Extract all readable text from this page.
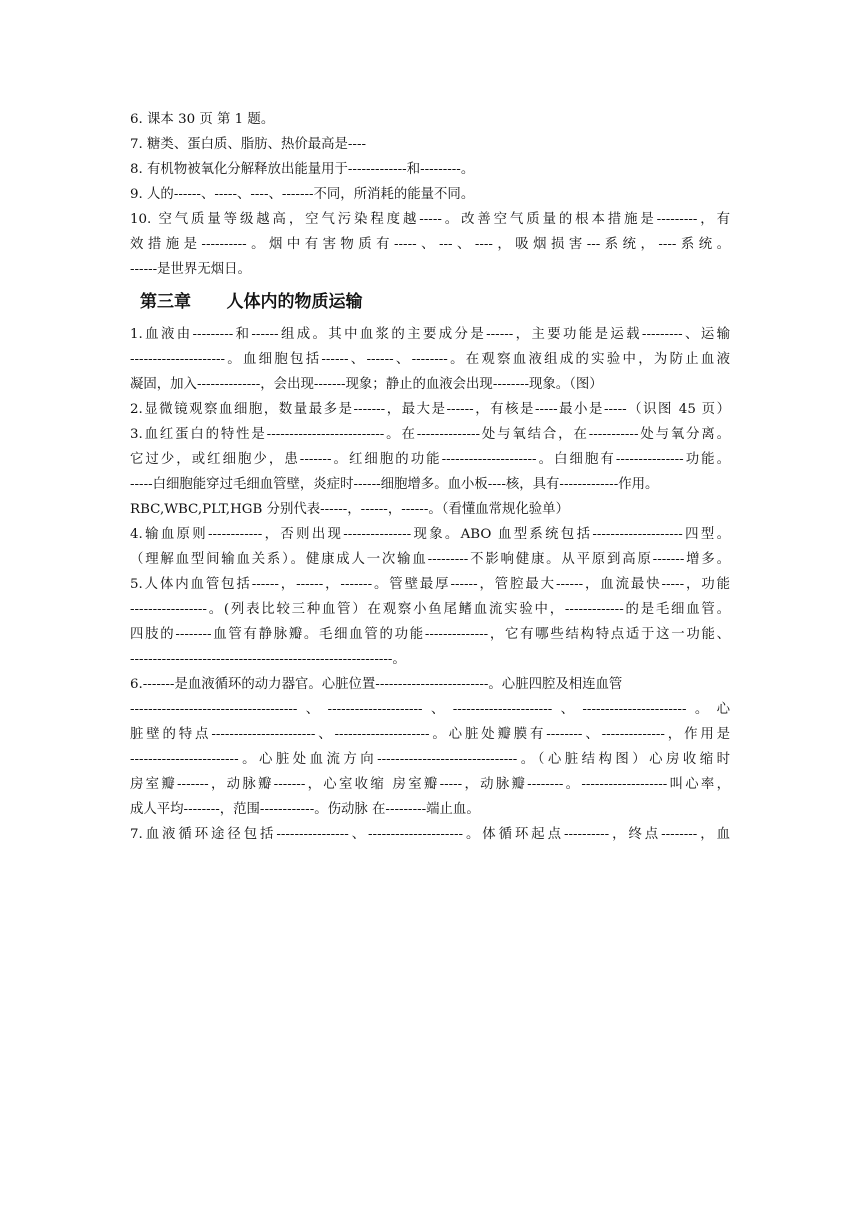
6. 课本 30 页 第 1 题。
7. 糖类、蛋白质、脂肪、热价最高是----
8. 有机物被氧化分解释放出能量用于-------------和---------。
9. 人的------、-----、----、-------不同，所消耗的能量不同。
10. 空气质量等级越高，空气污染程度越-----。改善空气质量的根本措施是---------，有
效措施是----------。烟中有害物质有-----、---、----，吸烟损害---系统，----系统。
------是世界无烟日。
第三章      人体内的物质运输
1.血液由---------和------组成。其中血浆的主要成分是------，主要功能是运载---------、运输
---------------------。血细胞包括------、------、--------。在观察血液组成的实验中，为防止血液
凝固，加入--------------，会出现-------现象；静止的血液会出现--------现象。（图）
2.显微镜观察血细胞，数量最多是-------，最大是------，有核是-----最小是-----（识图 45 页）
3.血红蛋白的特性是--------------------------。在--------------处与氧结合，在-----------处与氧分离。
它过少，或红细胞少，患-------。红细胞的功能---------------------。白细胞有---------------功能。
-----白细胞能穿过毛细血管壁，炎症时------细胞增多。血小板----核，具有-------------作用。
RBC,WBC,PLT,HGB 分别代表------，------，------。（看懂血常规化验单）
4.输血原则------------，否则出现---------------现象。ABO 血型系统包括--------------------四型。
（理解血型间输血关系）。健康成人一次输血---------不影响健康。从平原到高原-------增多。
5.人体内血管包括------，------，-------。管壁最厚------，管腔最大------，血流最快-----，功能
-----------------。(列表比较三种血管）在观察小鱼尾鳍血流实验中，-------------的是毛细血管。
四肢的--------血管有静脉瓣。毛细血管的功能--------------，它有哪些结构特点适于这一功能、
----------------------------------------------------------。
6.-------是血液循环的动力器官。心脏位置-------------------------。心脏四腔及相连血管
-------------------------------------、---------------------、----------------------、-----------------------。心
脏壁的特点-----------------------、---------------------。心脏处瓣膜有--------、--------------，作用是
------------------------。心脏处血流方向-------------------------------。（心脏结构图）心房收缩时
房室瓣-------，动脉瓣-------，心室收缩 房室瓣-----，动脉瓣--------。-------------------叫心率，
成人平均--------，范围------------。伤动脉 在---------端止血。
7.血液循环途径包括----------------、---------------------。体循环起点----------，终点--------，血
